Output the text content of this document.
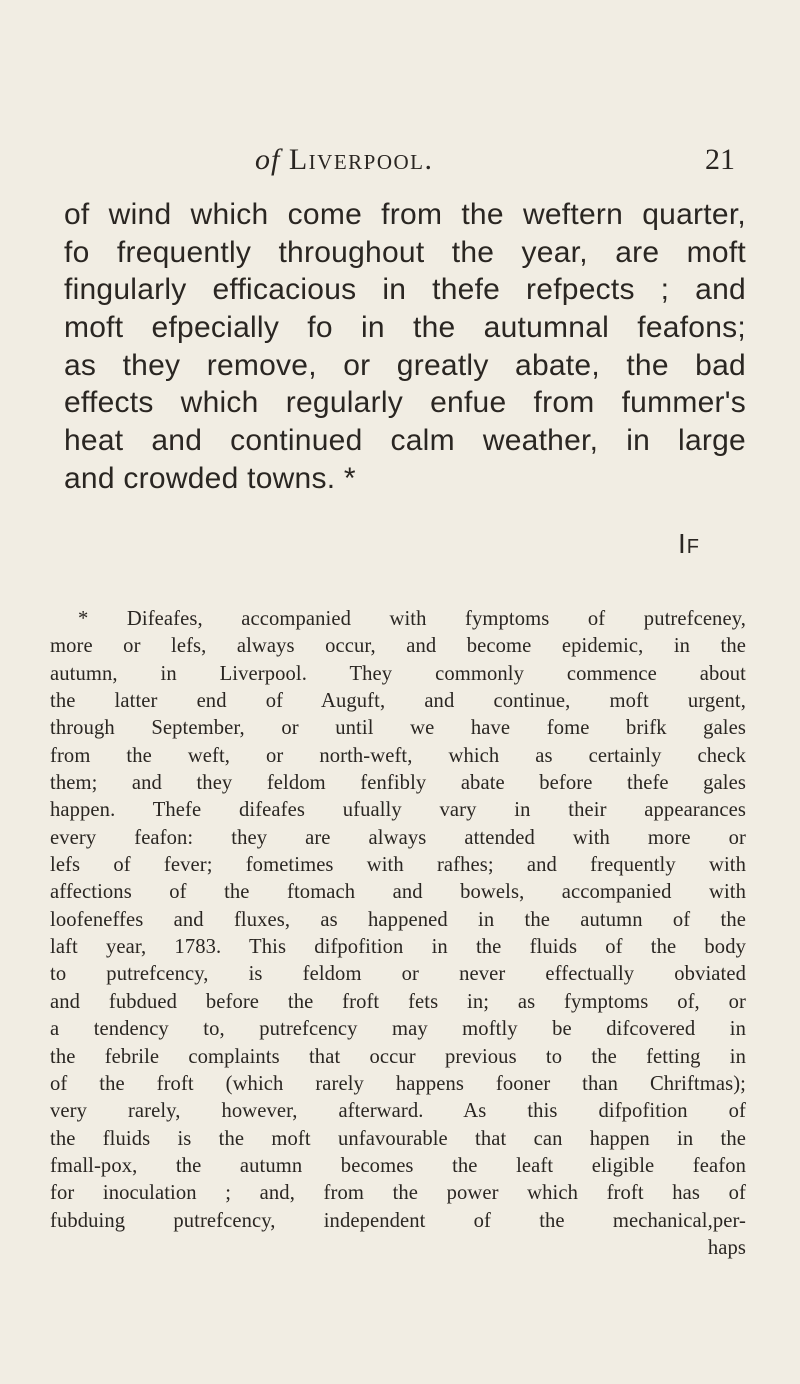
of Liverpool.	21
of wind which come from the weftern quarter,
fo frequently throughout the year, are moft
fingularly efficacious in thefe refpects ; and
moft efpecially fo in the autumnal feafons;
as they remove, or greatly abate, the bad
effects which regularly enfue from fummer's
heat and continued calm weather, in large
and crowded towns. *
If
* Difeafes, accompanied with fymptoms of putrefceney,
more or lefs, always occur, and become epidemic, in the
autumn, in Liverpool. They commonly commence about
the latter end of Auguft, and continue, moft urgent,
through September, or until we have fome brifk gales
from the weft, or north-weft, which as certainly check
them; and they feldom fenfibly abate before thefe gales
happen. Thefe difeafes ufually vary in their appearances
every feafon: they are always attended with more or
lefs of fever; fometimes with rafhes; and frequently with
affections of the ftomach and bowels, accompanied with
loofeneffes and fluxes, as happened in the autumn of the
laft year, 1783. This difpofition in the fluids of the body
to putrefcency, is feldom or never effectually obviated
and fubdued before the froft fets in; as fymptoms of, or
a tendency to, putrefcency may moftly be difcovered in
the febrile complaints that occur previous to the fetting in
of the froft (which rarely happens fooner than Chriftmas);
very rarely, however, afterward. As this difpofition of
the fluids is the moft unfavourable that can happen in the
fmall-pox, the autumn becomes the leaft eligible feafon
for inoculation ; and, from the power which froft has of
fubduing putrefcency, independent of the mechanical,per-
haps
